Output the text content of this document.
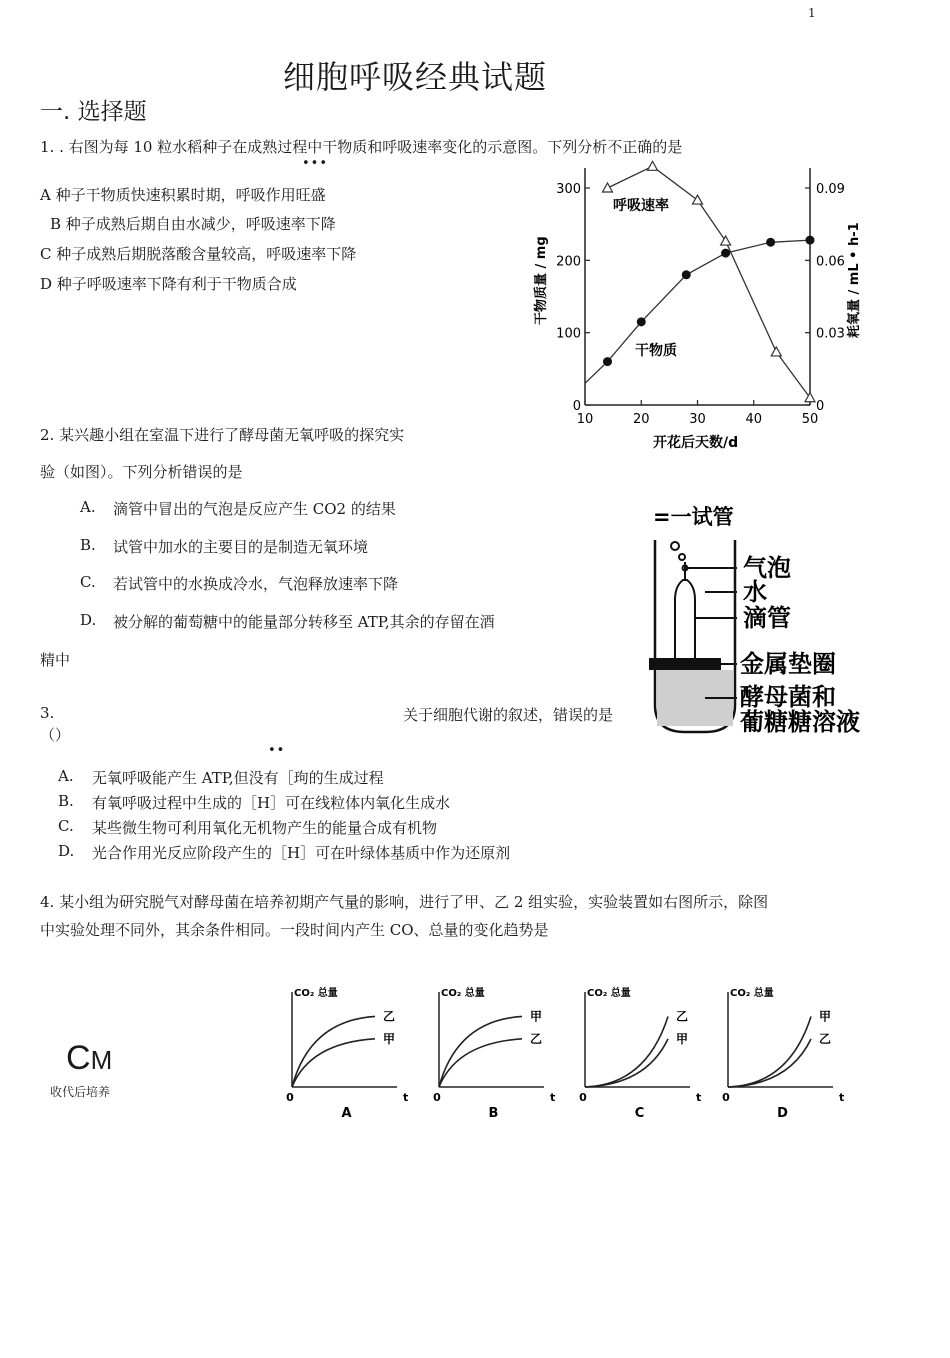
1
细胞呼吸经典试题
一. 选择题
1. . 右图为每 10 粒水稻种子在成熟过程中干物质和呼吸速率变化的示意图。下列分析不正确的是
•••
A 种子干物质快速积累时期，呼吸作用旺盛
B 种子成熟后期自由水减少，呼吸速率下降
C 种子成熟后期脱落酸含量较高，呼吸速率下降
D 种子呼吸速率下降有利于干物质合成
10	20	30	40	50
0
100
200
300
0
0.03
0.06
0.09
呼吸速率
干物质
开花后天数/d
干物质量 / mg	耗氧量 / mL • h-1
2. 某兴趣小组在室温下进行了酵母菌无氧呼吸的探究实
验（如图）。下列分析错误的是
A. 滴管中冒出的气泡是反应产生 CO2 的结果
B. 试管中加水的主要目的是制造无氧环境
C. 若试管中的水换成冷水，气泡释放速率下降
D. 被分解的葡萄糖中的能量部分转移至 ATP,其余的存留在酒
精中
=一试管
气泡
水
滴管
金属垫圈
酵母菌和
葡糖糖溶液
3.	关于细胞代谢的叙述，错误的是
（）
••
A. 无氧呼吸能产生 ATP,但没有［玽的生成过程
B. 有氧呼吸过程中生成的［H］可在线粒体内氧化生成水
C. 某些微生物可利用氧化无机物产生的能量合成有机物
D. 光合作用光反应阶段产生的［H］可在叶绿体基质中作为还原剂
4. 某小组为研究脱气对酵母菌在培养初期产气量的影响，进行了甲、乙 2 组实验，实验装置如右图所示，除图
中实验处理不同外，其余条件相同。一段时间内产生 CO、总量的变化趋势是
CM
收代后培养
CO₂ 总量
0	t
A
乙
甲
CO₂ 总量
0	t
B
甲
乙
CO₂ 总量
0	t
C
乙
甲
CO₂ 总量
0	t
D
甲
乙
